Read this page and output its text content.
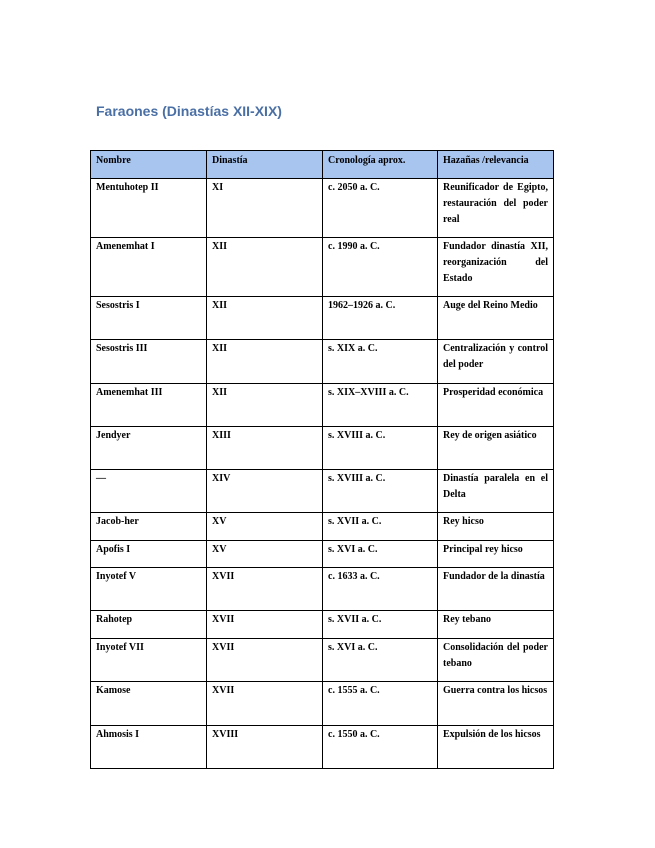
Faraones (Dinastías XII-XIX)
Nombre	Dinastía	Cronología aprox.	Hazañas /relevancia
Mentuhotep II	XI	c. 2050 a. C.	Reunificador de Egipto, restauración del poder real
Amenemhat I	XII	c. 1990 a. C.	Fundador dinastía XII, reorganización del Estado
Sesostris I	XII	1962–1926 a. C.	Auge del Reino Medio
Sesostris III	XII	s. XIX a. C.	Centralización y control del poder
Amenemhat III	XII	s. XIX–XVIII a. C.	Prosperidad económica
Jendyer	XIII	s. XVIII a. C.	Rey de origen asiático
—	XIV	s. XVIII a. C.	Dinastía paralela en el Delta
Jacob-her	XV	s. XVII a. C.	Rey hicso
Apofis I	XV	s. XVI a. C.	Principal rey hicso
Inyotef V	XVII	c. 1633 a. C.	Fundador de la dinastía
Rahotep	XVII	s. XVII a. C.	Rey tebano
Inyotef VII	XVII	s. XVI a. C.	Consolidación del poder tebano
Kamose	XVII	c. 1555 a. C.	Guerra contra los hicsos
Ahmosis I	XVIII	c. 1550 a. C.	Expulsión de los hicsos
